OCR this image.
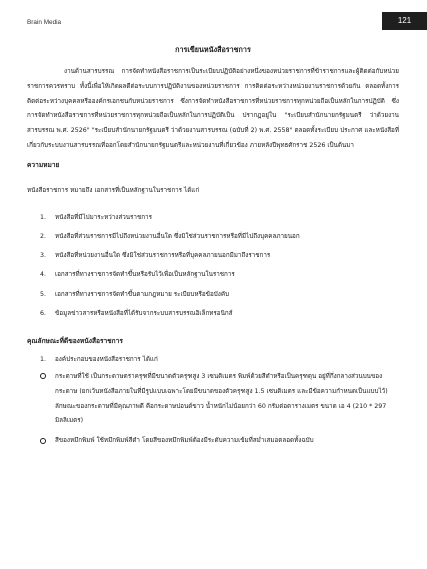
Brain Media	121
การเขียนหนังสือราชการ

งานด้านสารบรรณ การจัดทำหนังสือราชการเป็นระเบียบปฏิบัติอย่างหนึ่งของหน่วยราชการที่ข้าราชการและผู้ติดต่อกับหน่วยราชการควรทราบ ทั้งนี้เพื่อให้เกิดผลดีต่อระบบการปฏิบัติงานของหน่วยราชการ การติดต่อระหว่างหน่วยงานราชการด้วยกัน ตลอดทั้งการติดต่อระหว่างบุคคลหรือองค์กรเอกชนกับหน่วยราชการ ซึ่งการจัดทำหนังสือราชการที่หน่วยราชการทุกหน่วยถือเป็นหลักในการปฏิบัติ ซึ่งการจัดทำหนังสือราชการที่หน่วยราชการทุกหน่วยถือเป็นหลักในการปฏิบัติเป็น ปรากฏอยู่ใน "ระเบียบสำนักนายกรัฐมนตรี ว่าด้วยงานสารบรรณ พ.ศ. 2526" "ระเบียบสำนักนายกรัฐมนตรี ว่าด้วยงานสารบรรณ (ฉบับที่ 2) พ.ศ. 2558" ตลอดทั้งระเบียบ ประกาศ และหนังสือที่เกี่ยวกับระบบงานสารบรรณที่ออกโดยสำนักนายกรัฐมนตรีและหน่วยงานที่เกี่ยวข้อง ภายหลังปีพุทธศักราช 2526 เป็นต้นมา

ความหมาย

หนังสือราชการ หมายถึง เอกสารที่เป็นหลักฐานในราชการ ได้แก่

1. หนังสือที่มีไปมาระหว่างส่วนราชการ
2. หนังสือที่ส่วนราชการมีไปถึงหน่วยงานอื่นใด ซึ่งมิใช่ส่วนราชการหรือที่มีไปถึงบุคคลภายนอก
3. หนังสือที่หน่วยงานอื่นใด ซึ่งมิใช่ส่วนราชการหรือที่บุคคลภายนอกมีมาถึงราชการ
4. เอกสารที่ทางราชการจัดทำขึ้นหรือรับไว้เพื่อเป็นหลักฐานในราชการ
5. เอกสารที่ทางราชการจัดทำขึ้นตามกฎหมาย ระเบียบหรือข้อบังคับ
6. ข้อมูลข่าวสารหรือหนังสือที่ได้รับจากระบบสารบรรณอิเล็กทรอนิกส์
คุณลักษณะที่ดีของหนังสือราชการ
1. องค์ประกอบของหนังสือราชการ ได้แก่
กระดาษที่ใช้ เป็นกระดาษตราครุฑที่มีขนาดตัวครุฑสูง 3 เซนติเมตร พิมพ์ด้วยสีดำหรือเป็นครุฑดุน อยู่ที่กึ่งกลางส่วนบนของกระดาษ (ยกเว้นหนังสือภายในที่มีรูปแบบเฉพาะโดยมีขนาดของตัวครุฑสูง 1.5 เซนติเมตร และมีข้อความกำหนดเป็นแบบไว้) ลักษณะของกระดาษที่มีคุณภาพดี คือกระดาษปอนด์ขาว น้ำหนักไม่น้อยกว่า 60 กรัมต่อตารางเมตร ขนาด เอ 4 (210 * 297 มิลลิเมตร)
สีของหมึกพิมพ์ ใช้หมึกพิมพ์สีดำ โดยสีของหมึกพิมพ์ต้องมีระดับความเข้มที่สม่ำเสมอตลอดทั้งฉบับ
